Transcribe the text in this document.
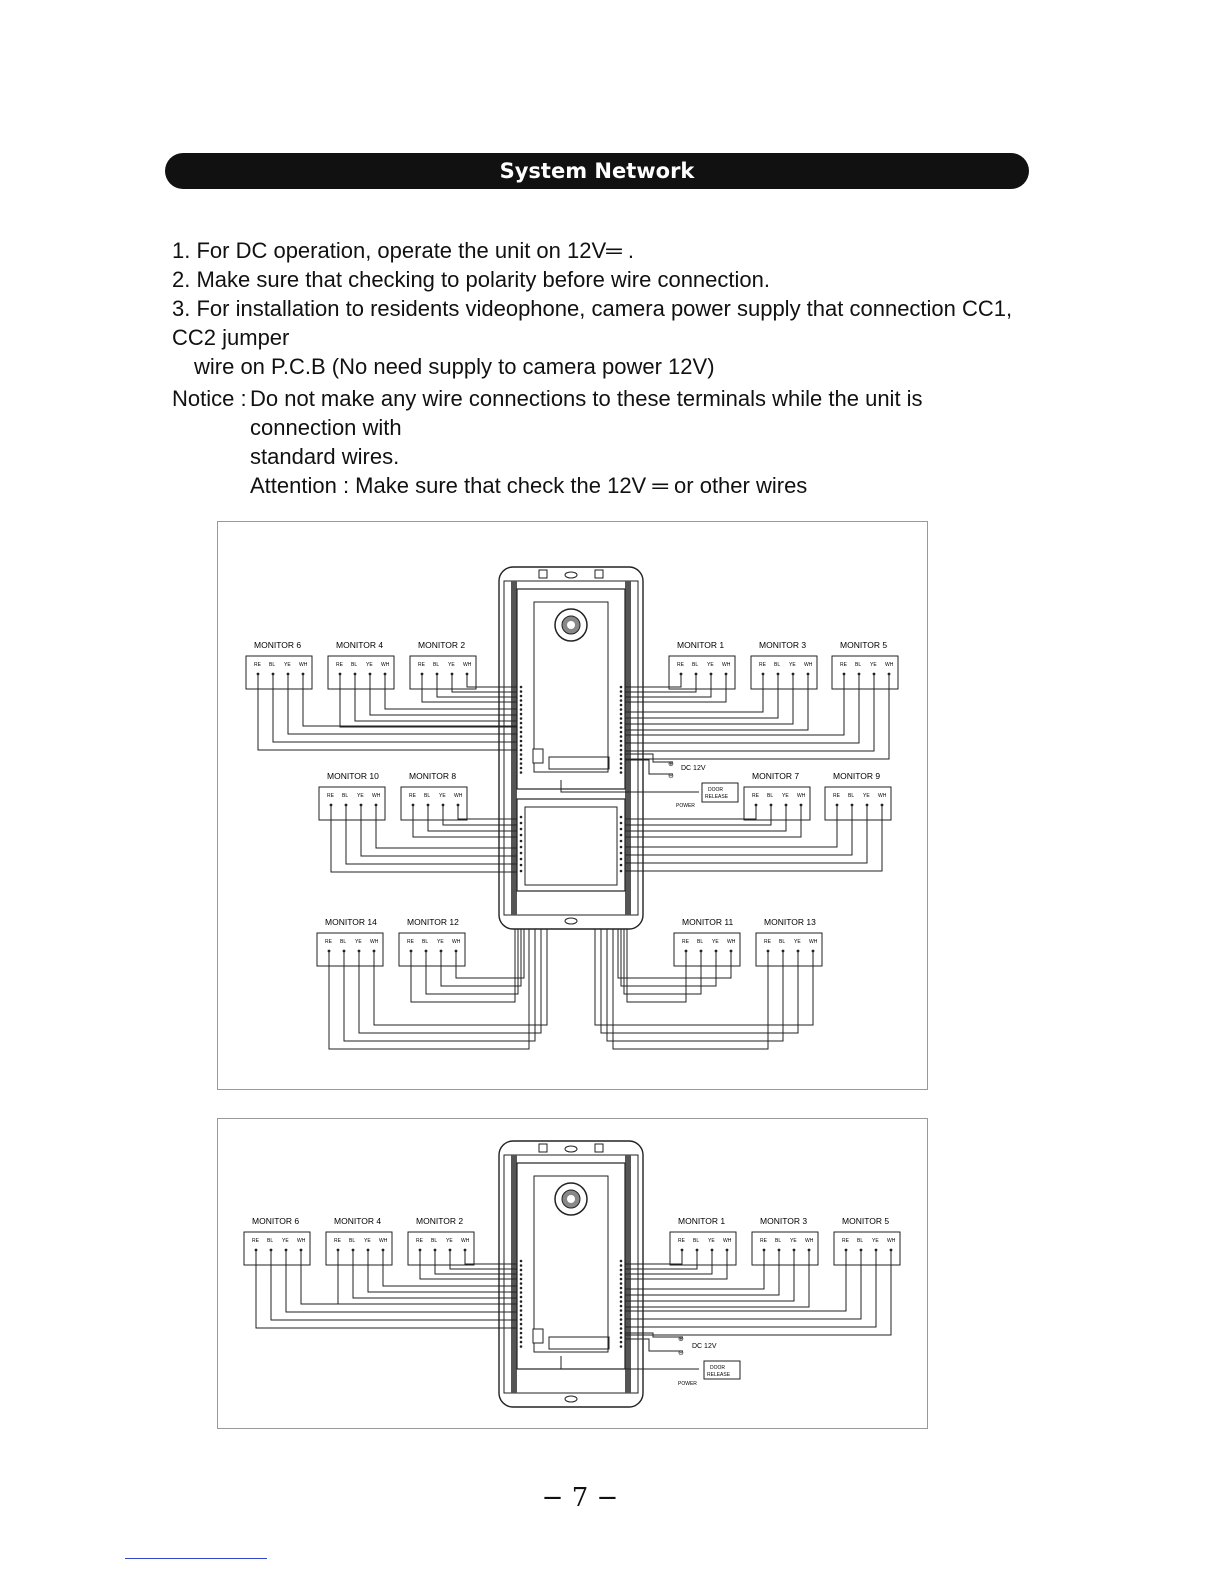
System Network

1. For DC operation, operate the unit on 12V═ .

2. Make sure that checking to polarity before wire connection.

3. For installation to residents videophone, camera power supply that connection CC1, CC2 jumper

wire on P.C.B (No need supply to camera power 12V)

Notice : Do not make any wire connections to these terminals while the unit is connection with
standard wires.
Attention : Make sure that check the 12V ═ or other wires
MONITOR 6
RE BL YE WH
MONITOR 4
RE BL YE WH
MONITOR 2
RE BL YE WH
MONITOR 1
RE BL YE WH
MONITOR 3
RE BL YE WH
MONITOR 5
RE BL YE WH
MONITOR 10
RE BL YE WH
MONITOR 8
RE BL YE WH
MONITOR 7
RE BL YE WH
MONITOR 9
RE BL YE WH
MONITOR 14
RE BL YE WH
MONITOR 12
RE BL YE WH
MONITOR 11
RE BL YE WH
MONITOR 13
RE BL YE WH
⊕
⊖
DC 12V
DOOR
RELEASE
POWER
MONITOR 6
RE BL YE WH
MONITOR 4
RE BL YE WH
MONITOR 2
RE BL YE WH
MONITOR 1
RE BL YE WH
MONITOR 3
RE BL YE WH
MONITOR 5
RE BL YE WH
⊕
⊖
DC 12V
DOOR
RELEASE
POWER
− 7 −
